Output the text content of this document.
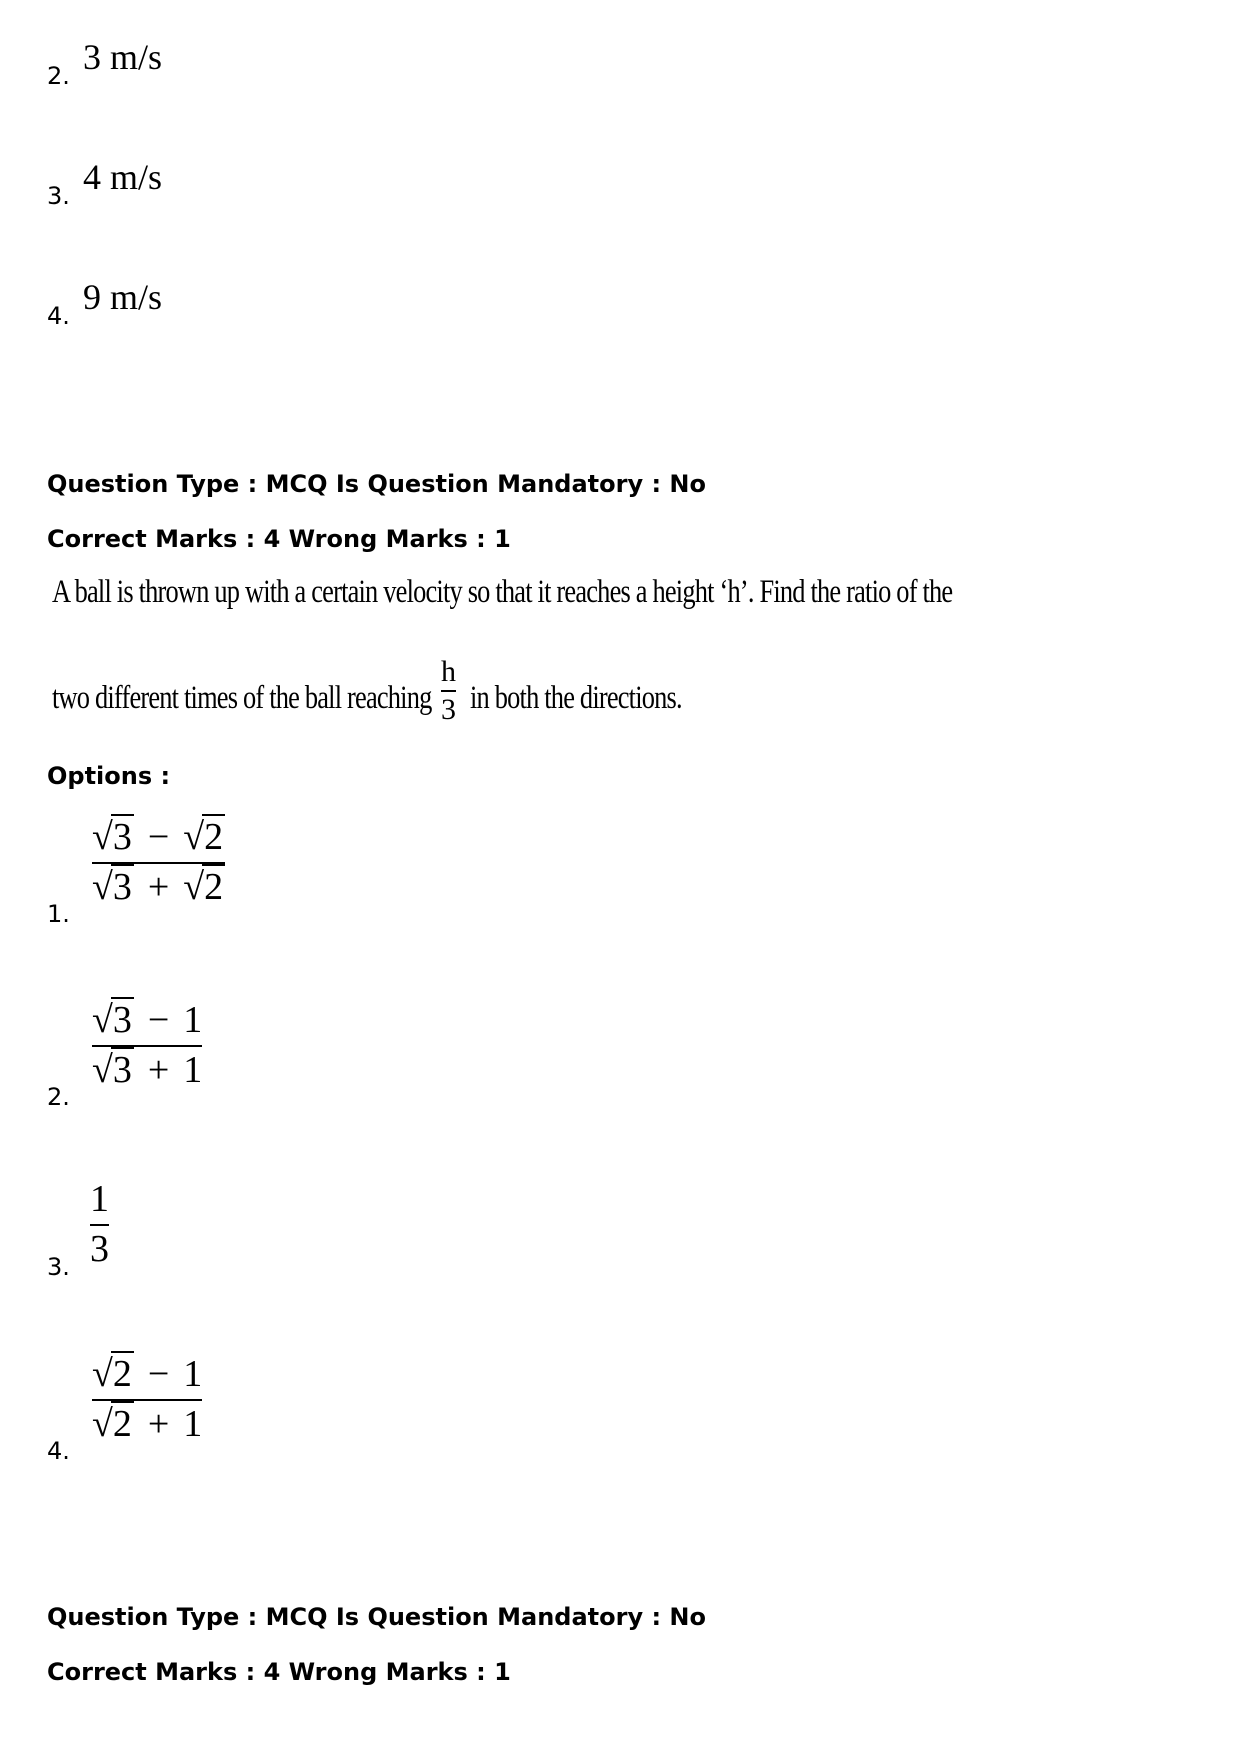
2. 3 m/s
3. 4 m/s
4. 9 m/s
Question Type : MCQ Is Question Mandatory : No
Correct Marks : 4 Wrong Marks : 1
A ball is thrown up with a certain velocity so that it reaches a height ‘h’. Find the ratio of the
two different times of the ball reaching
h
3 in both the directions.
Options :
1.
√3 − √2
√3 + √2
2.
√3 − 1
√3 + 1
3.
1
3
4.
√2 − 1
√2 + 1
Question Type : MCQ Is Question Mandatory : No
Correct Marks : 4 Wrong Marks : 1
